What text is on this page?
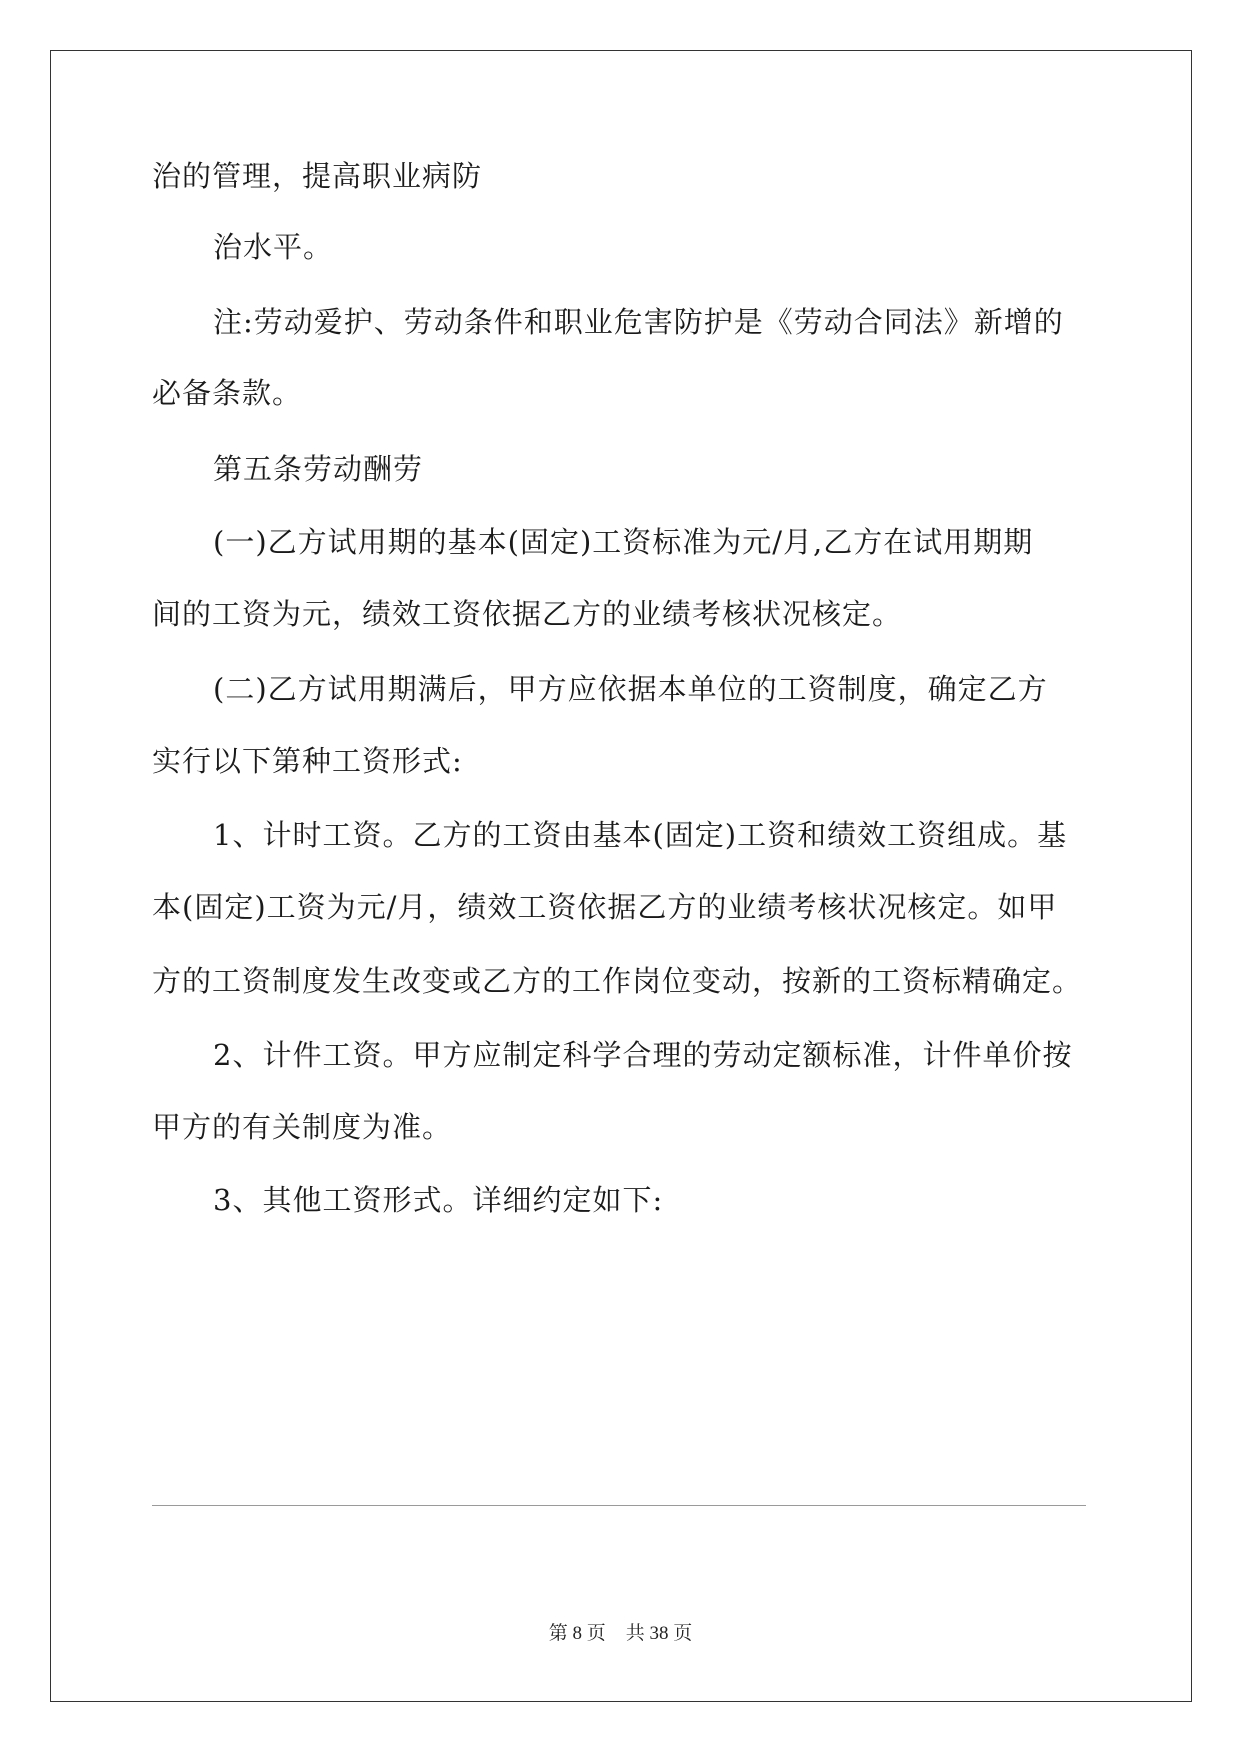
治的管理，提高职业病防
治水平。
注:劳动爱护、劳动条件和职业危害防护是《劳动合同法》新增的
必备条款。
第五条劳动酬劳
(一)乙方试用期的基本(固定)工资标准为元/月,乙方在试用期期
间的工资为元，绩效工资依据乙方的业绩考核状况核定。
(二)乙方试用期满后，甲方应依据本单位的工资制度，确定乙方
实行以下第种工资形式:
1、计时工资。乙方的工资由基本(固定)工资和绩效工资组成。基
本(固定)工资为元/月，绩效工资依据乙方的业绩考核状况核定。如甲
方的工资制度发生改变或乙方的工作岗位变动，按新的工资标精确定。
2、计件工资。甲方应制定科学合理的劳动定额标准，计件单价按
甲方的有关制度为准。
3、其他工资形式。详细约定如下:
第 8 页 共 38 页
